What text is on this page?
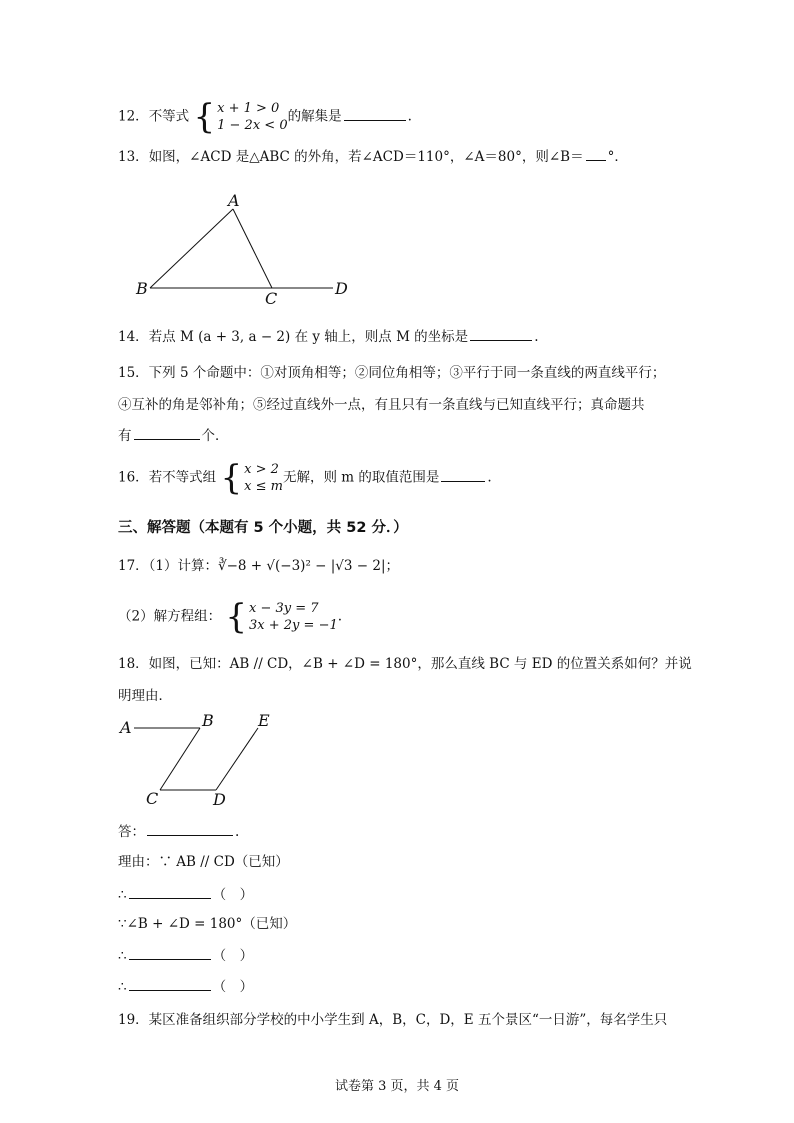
12．不等式 { x + 1 > 0
1 − 2x < 0
的解集是	.
13．如图，∠ACD 是△ABC 的外角，若∠ACD＝110°，∠A＝80°，则∠B＝ °．
A
B
C
D
14．若点 M (a + 3, a − 2) 在 y 轴上，则点 M 的坐标是	.
15．下列 5 个命题中：①对顶角相等；②同位角相等；③平行于同一条直线的两直线平行；
④互补的角是邻补角；⑤经过直线外一点，有且只有一条直线与已知直线平行；真命题共
有	个．
16．若不等式组 { x > 2
x ≤ m
无解，则 m 的取值范围是	.
三、解答题（本题有 5 个小题，共 52 分．）
17．（1）计算：∛−8 + √(−3)² − |√3 − 2|；
（2）解方程组： { x − 3y = 7
3x + 2y = −1
.
18．如图，已知：AB // CD，∠B + ∠D = 180°，那么直线 BC 与 ED 的位置关系如何？并说
明理由．
A	B
C	D
E
答：	.
理由：∵ AB // CD（已知）
∴	（　）
∵∠B + ∠D = 180°（已知）
∴	（　）
∴	（　）
19．某区准备组织部分学校的中小学生到 A，B，C，D，E 五个景区“一日游”，每名学生只
试卷第 3 页，共 4 页
